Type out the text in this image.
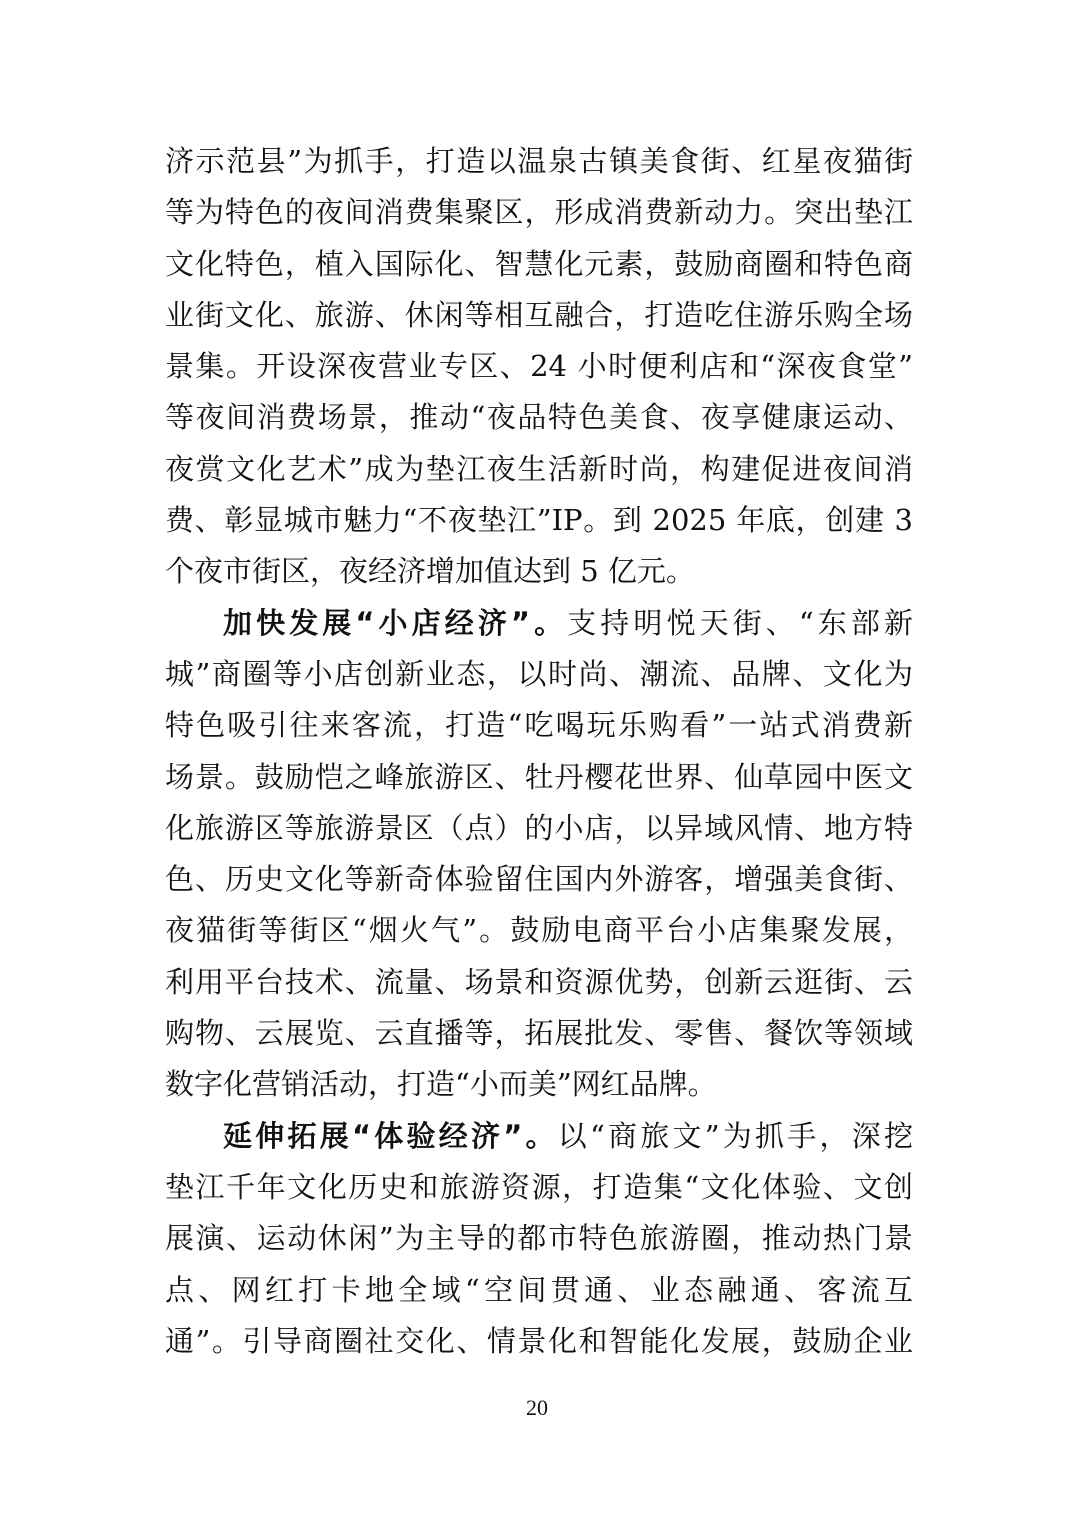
济示范县”为抓手，打造以温泉古镇美食街、红星夜猫街
等为特色的夜间消费集聚区，形成消费新动力。突出垫江
文化特色，植入国际化、智慧化元素，鼓励商圈和特色商
业街文化、旅游、休闲等相互融合，打造吃住游乐购全场
景集。开设深夜营业专区、24 小时便利店和“深夜食堂”
等夜间消费场景，推动“夜品特色美食、夜享健康运动、
夜赏文化艺术”成为垫江夜生活新时尚，构建促进夜间消
费、彰显城市魅力“不夜垫江”IP。到 2025 年底，创建 3
个夜市街区，夜经济增加值达到 5 亿元。
加快发展“小店经济”。支持明悦天街、“东部新
城”商圈等小店创新业态，以时尚、潮流、品牌、文化为
特色吸引往来客流，打造“吃喝玩乐购看”一站式消费新
场景。鼓励恺之峰旅游区、牡丹樱花世界、仙草园中医文
化旅游区等旅游景区（点）的小店，以异域风情、地方特
色、历史文化等新奇体验留住国内外游客，增强美食街、
夜猫街等街区“烟火气”。鼓励电商平台小店集聚发展，
利用平台技术、流量、场景和资源优势，创新云逛街、云
购物、云展览、云直播等，拓展批发、零售、餐饮等领域
数字化营销活动，打造“小而美”网红品牌。
延伸拓展“体验经济”。以“商旅文”为抓手，深挖
垫江千年文化历史和旅游资源，打造集“文化体验、文创
展演、运动休闲”为主导的都市特色旅游圈，推动热门景
点、网红打卡地全域“空间贯通、业态融通、客流互
通”。引导商圈社交化、情景化和智能化发展，鼓励企业
20
